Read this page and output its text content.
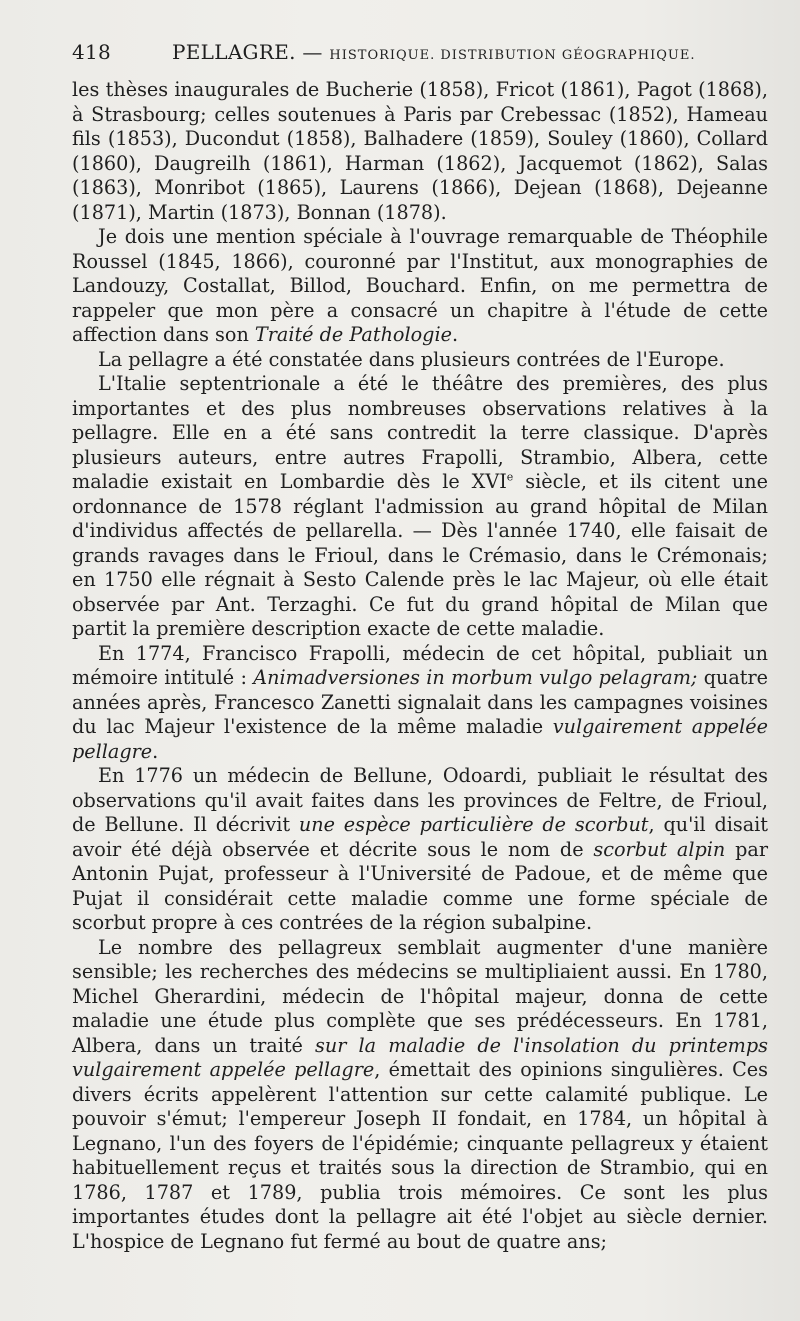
418	PELLAGRE. — HISTORIQUE. DISTRIBUTION GÉOGRAPHIQUE.

les thèses inaugurales de Bucherie (1858), Fricot (1861), Pagot (1868), à Strasbourg; celles soutenues à Paris par Crebessac (1852), Hameau fils (1853), Ducondut (1858), Balhadere (1859), Souley (1860), Collard (1860), Daugreilh (1861), Harman (1862), Jacquemot (1862), Salas (1863), Monribot (1865), Laurens (1866), Dejean (1868), Dejeanne (1871), Martin (1873), Bonnan (1878).

Je dois une mention spéciale à l'ouvrage remarquable de Théophile Roussel (1845, 1866), couronné par l'Institut, aux monographies de Landouzy, Costallat, Billod, Bouchard. Enfin, on me permettra de rappeler que mon père a consacré un chapitre à l'étude de cette affection dans son Traité de Pathologie.

La pellagre a été constatée dans plusieurs contrées de l'Europe.

L'Italie septentrionale a été le théâtre des premières, des plus importantes et des plus nombreuses observations relatives à la pellagre. Elle en a été sans contredit la terre classique. D'après plusieurs auteurs, entre autres Frapolli, Strambio, Albera, cette maladie existait en Lombardie dès le XVIe siècle, et ils citent une ordonnance de 1578 réglant l'admission au grand hôpital de Milan d'individus affectés de pellarella. — Dès l'année 1740, elle faisait de grands ravages dans le Frioul, dans le Crémasio, dans le Crémonais; en 1750 elle régnait à Sesto Calende près le lac Majeur, où elle était observée par Ant. Terzaghi. Ce fut du grand hôpital de Milan que partit la première description exacte de cette maladie.

En 1774, Francisco Frapolli, médecin de cet hôpital, publiait un mémoire intitulé : Animadversiones in morbum vulgo pelagram; quatre années après, Francesco Zanetti signalait dans les campagnes voisines du lac Majeur l'existence de la même maladie vulgairement appelée pellagre.

En 1776 un médecin de Bellune, Odoardi, publiait le résultat des observations qu'il avait faites dans les provinces de Feltre, de Frioul, de Bellune. Il décrivit une espèce particulière de scorbut, qu'il disait avoir été déjà observée et décrite sous le nom de scorbut alpin par Antonin Pujat, professeur à l'Université de Padoue, et de même que Pujat il considérait cette maladie comme une forme spéciale de scorbut propre à ces contrées de la région subalpine.

Le nombre des pellagreux semblait augmenter d'une manière sensible; les recherches des médecins se multipliaient aussi. En 1780, Michel Gherardini, médecin de l'hôpital majeur, donna de cette maladie une étude plus complète que ses prédécesseurs. En 1781, Albera, dans un traité sur la maladie de l'insolation du printemps vulgairement appelée pellagre, émettait des opinions singulières. Ces divers écrits appelèrent l'attention sur cette calamité publique. Le pouvoir s'émut; l'empereur Joseph II fondait, en 1784, un hôpital à Legnano, l'un des foyers de l'épidémie; cinquante pellagreux y étaient habituellement reçus et traités sous la direction de Strambio, qui en 1786, 1787 et 1789, publia trois mémoires. Ce sont les plus importantes études dont la pellagre ait été l'objet au siècle dernier. L'hospice de Legnano fut fermé au bout de quatre ans;
